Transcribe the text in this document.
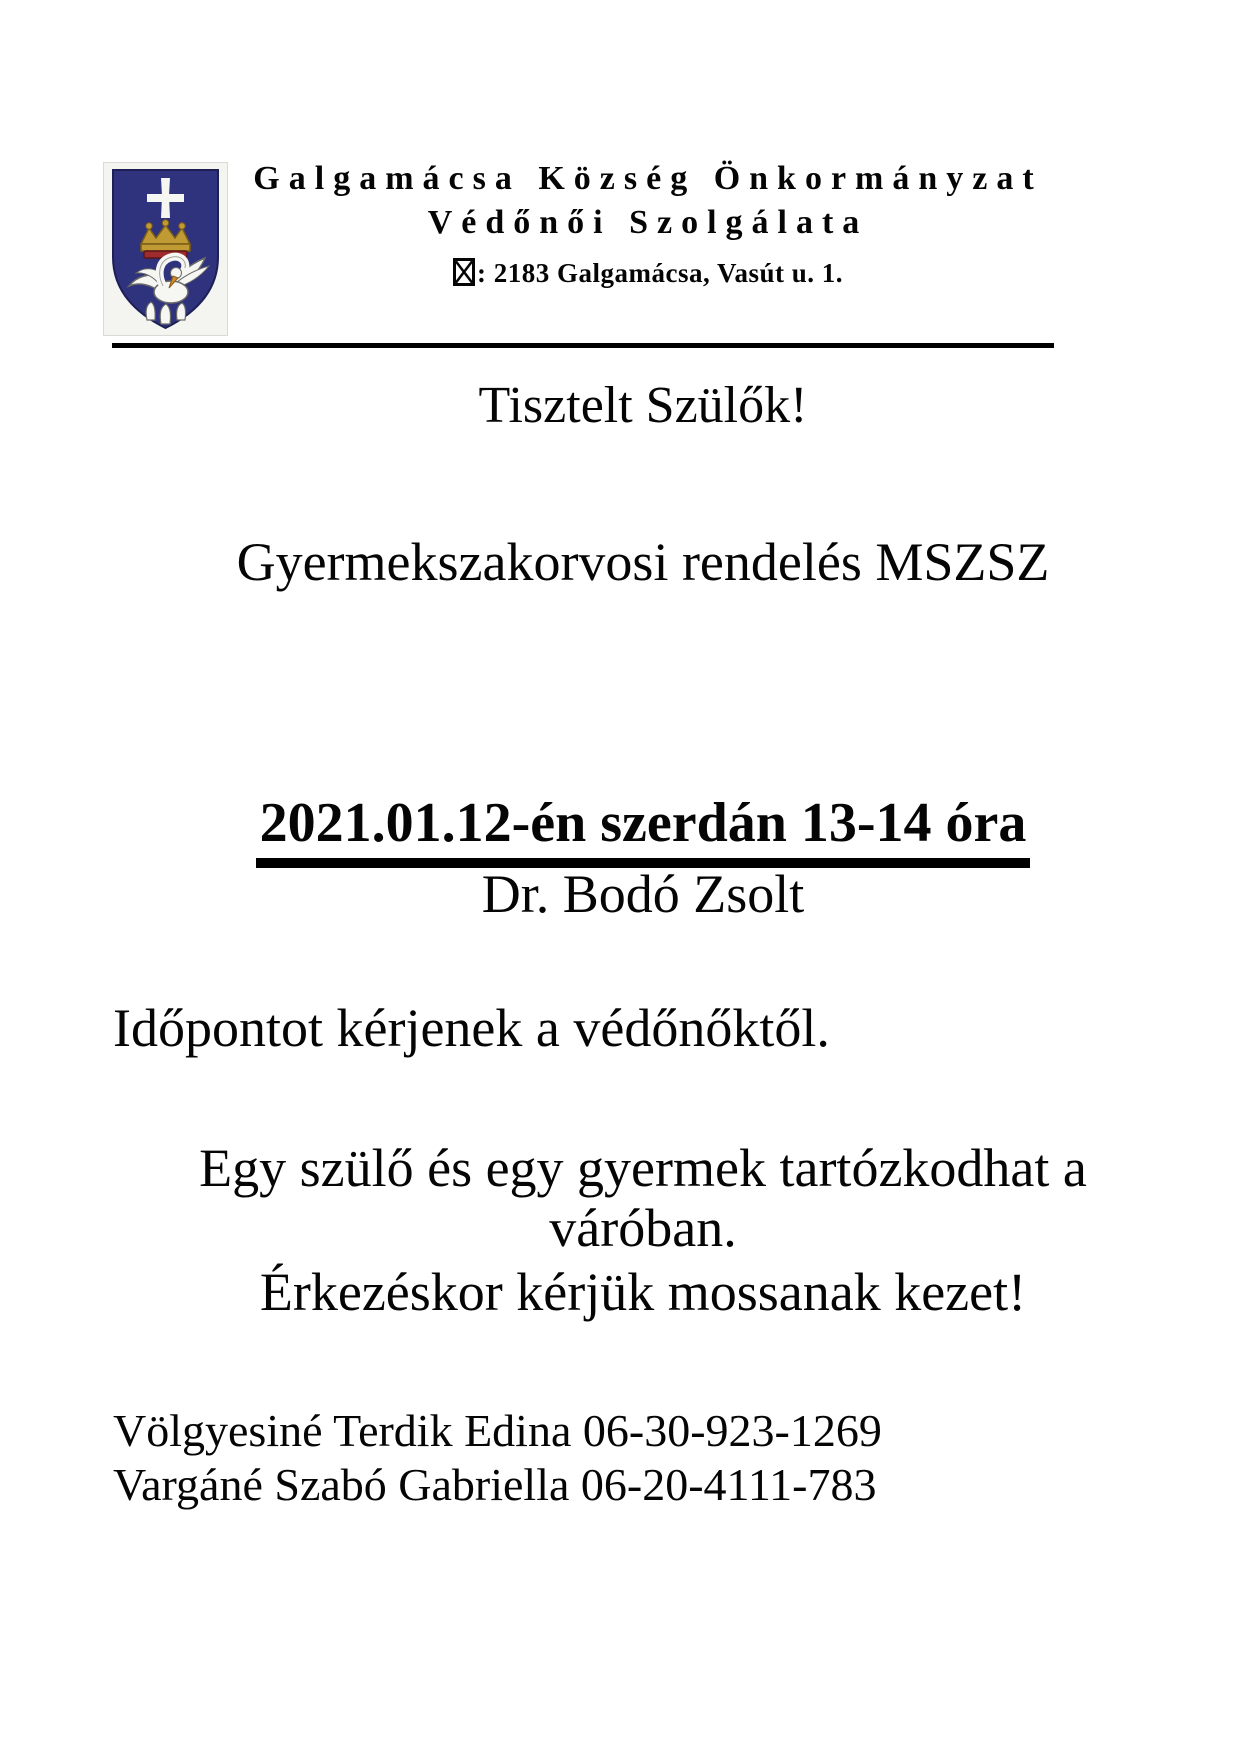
Galgamácsa Község Önkormányzat
Védőnői Szolgálata
: 2183 Galgamácsa, Vasút u. 1.
Tisztelt Szülők!
Gyermekszakorvosi rendelés MSZSZ

2021.01.12-én szerdán 13-14 óra

Dr. Bodó Zsolt
Időpontot kérjenek a védőnőktől.
Egy szülő és egy gyermek tartózkodhat a
váróban.
Érkezéskor kérjük mossanak kezet!
Völgyesiné Terdik Edina 06-30-923-1269
Vargáné Szabó Gabriella 06-20-4111-783
